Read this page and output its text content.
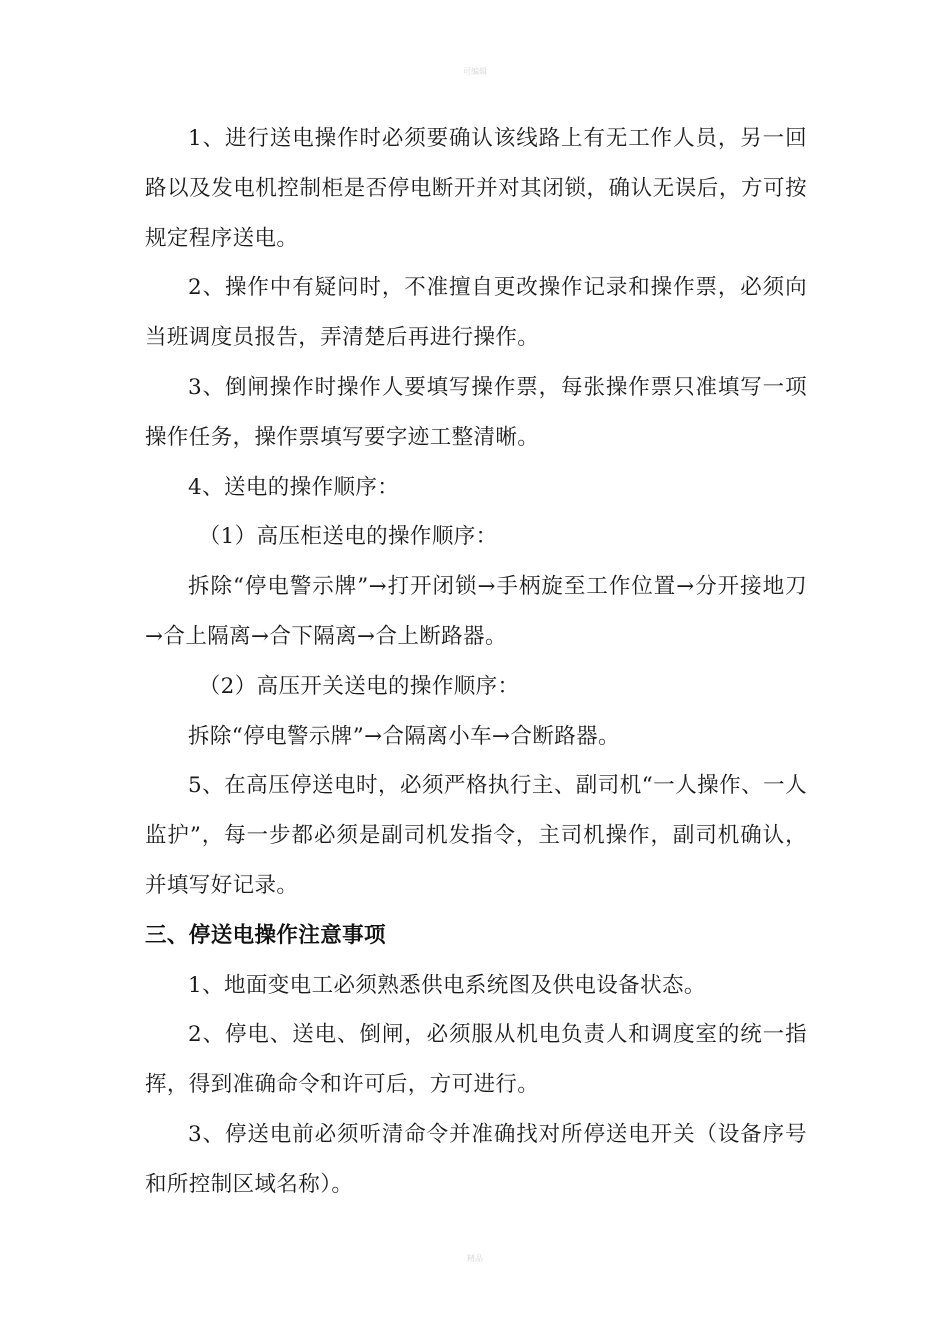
可编辑

1、进行送电操作时必须要确认该线路上有无工作人员，另一回路以及发电机控制柜是否停电断开并对其闭锁，确认无误后，方可按规定程序送电。

2、操作中有疑问时，不准擅自更改操作记录和操作票，必须向当班调度员报告，弄清楚后再进行操作。

3、倒闸操作时操作人要填写操作票，每张操作票只准填写一项操作任务，操作票填写要字迹工整清晰。

4、送电的操作顺序：

（1）高压柜送电的操作顺序：

拆除“停电警示牌”→打开闭锁→手柄旋至工作位置→分开接地刀→合上隔离→合下隔离→合上断路器。

（2）高压开关送电的操作顺序：

拆除“停电警示牌”→合隔离小车→合断路器。

5、在高压停送电时，必须严格执行主、副司机“一人操作、一人监护”，每一步都必须是副司机发指令，主司机操作，副司机确认，并填写好记录。

三、停送电操作注意事项

1、地面变电工必须熟悉供电系统图及供电设备状态。

2、停电、送电、倒闸，必须服从机电负责人和调度室的统一指挥，得到准确命令和许可后，方可进行。

3、停送电前必须听清命令并准确找对所停送电开关（设备序号和所控制区域名称）。

精品
